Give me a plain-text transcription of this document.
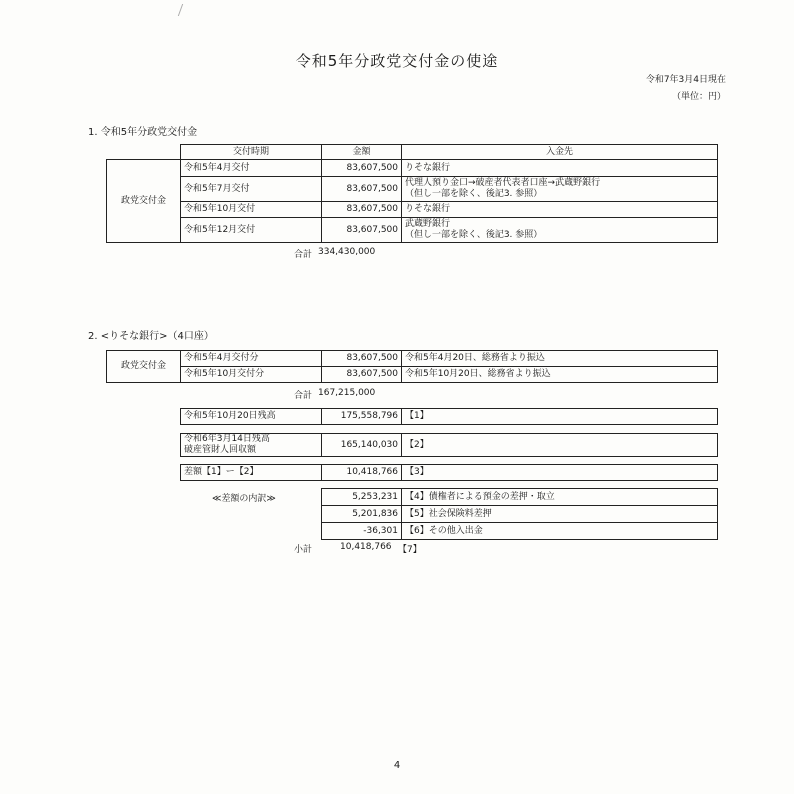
令和5年分政党交付金の使途
令和7年3月4日現在
（単位：円）
1. 令和5年分政党交付金
	交付時期	金額	入金先
政党交付金	令和5年4月交付	83,607,500	りそな銀行

	令和5年7月交付	83,607,500	代理人預り金口→破産者代表者口座→武蔵野銀行
（但し一部を除く、後記3. 参照）

	令和5年10月交付	83,607,500	りそな銀行

	令和5年12月交付	83,607,500	武蔵野銀行
（但し一部を除く、後記3. 参照）
合計 334,430,000
2. <りそな銀行>（4口座）
政党交付金	令和5年4月交付分	83,607,500	令和5年4月20日、総務省より振込
	令和5年10月交付分	83,607,500	令和5年10月20日、総務省より振込
合計 167,215,000
令和5年10月20日残高	175,558,796	【1】
令和6年3月14日残高
破産管財人回収額
	165,140,030	【2】
差額【1】ー【2】	10,418,766	【3】
≪差額の内訳≫	5,253,231	【4】債権者による預金の差押・取立
5,201,836	【5】社会保険料差押
-36,301	【6】その他入出金
小計	10,418,766 【7】
4
